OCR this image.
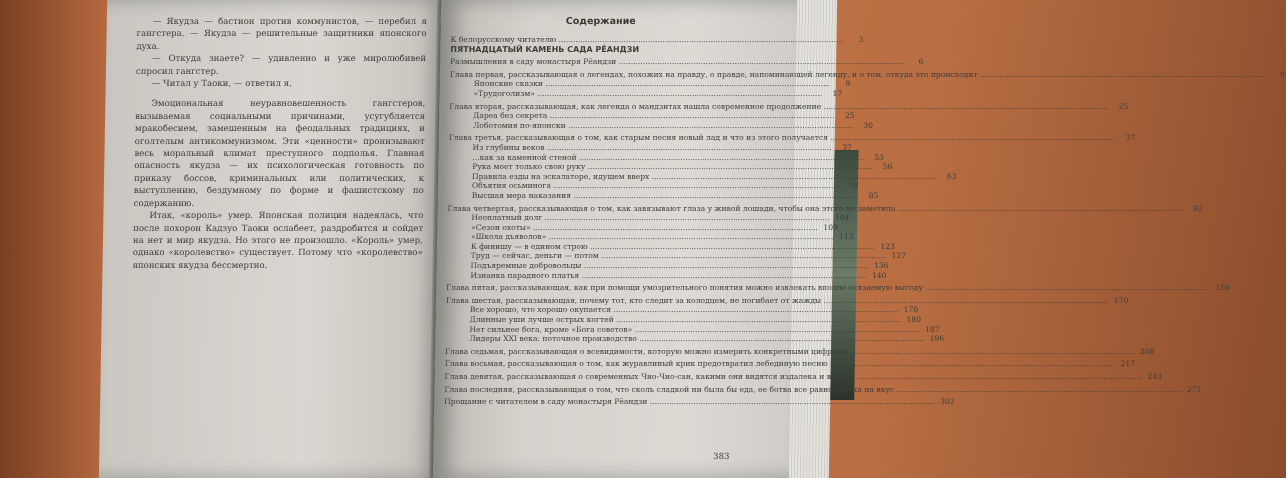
— Якудза — бастион против коммунистов, — перебил я гангстера. — Якудза — решительные защитники японского духа.

— Откуда знаете? — удивленно и уже миролюбивей спросил гангстер.

— Читал у Таоки, — ответил я.

Эмоциональная неуравновешенность гангстеров, вызываемая социальными причинами, усугубляется мракобесием, замешенным на феодальных традициях, и оголтелым антикоммунизмом. Эти «ценности» пронизывают весь моральный климат преступного подполья. Главная опасность якудза — их психологическая готовность по приказу боссов, криминальных или политических, к выступлению, бездумному по форме и фашистскому по содержанию.

Итак, «король» умер. Японская полиция надеялась, что после похорон Кадзуо Таоки ослабеет, раздробится и сойдет на нет и мир якудза. Но этого не произошло. «Король» умер, однако «королевство» существует. Потому что «королевство» японских якудза бессмертно.

Содержание
К белорусскому читателю .....	3
ПЯТНАДЦАТЫЙ КАМЕНЬ САДА РЁАНДЗИ
Размышления в саду монастыря Рёандзи .....	6
Глава первая, рассказывающая о легендах, похожих на правду, о правде, напоминающей легенду, и о том, откуда это происходит .....	9
Японские сказки .....	9
«Трудоголизм» .....	17
Глава вторая, рассказывающая, как легенда о мандзитах нашла современное продолжение .....	25
Дареа без секрета .....	25
Лоботомия по-японски .....	30
Глава третья, рассказывающая о том, как старым песня новый лад и что из этого получается .....	37
Из глубины веков .....	37
...как за каменной стеной .....	53
Рука моет только свою руку .....	56
Правила езды на эскалаторе, идущем вверх .....	63
Объятия осьминога .....	79
Высшая мера наказания .....	85
Глава четвертая, рассказывающая о том, как завязывают глаза у живой лошади, чтобы она этого не заметила .....	92
Неоплатный долг .....	104
«Сезон охоты» .....	109
«Школа дьяволов» .....	113
К финишу — в едином строю .....	123
Труд — сейчас, деньги — потом .....	127
Подъяремные добровольцы .....	136
Изнанка парадного платья .....	140
Глава пятая, рассказывающая, как при помощи умозрительного понятия можно извлекать вполне осязаемую выгоду .....	156
Глава шестая, рассказывающая, почему тот, кто следит за колодцем, не погибает от жажды .....	170
Все хорошо, что хорошо окупается .....	170
Длинные уши лучше острых когтей .....	180
Нет сильнее бога, кроме «Бога советов» .....	187
Лидеры XXI века: поточное производство .....	196
Глава седьмая, рассказывающая о всевидимости, которую можно измерить конкретными цифрами .....	208
Глава восьмая, рассказывающая о том, как журавлиный крик предотвратил лебединую песню .....	217
Глава девятая, рассказывающая о современных Чио-Чио-сан, какими они видятся издалека и вблизи .....	243
Глава последняя, рассказывающая о том, что сколь сладкой ни была бы еда, ее ботва все равно горька на вкус .....	271
Прощание с читателем в саду монастыря Рёандзи .....	302
383
